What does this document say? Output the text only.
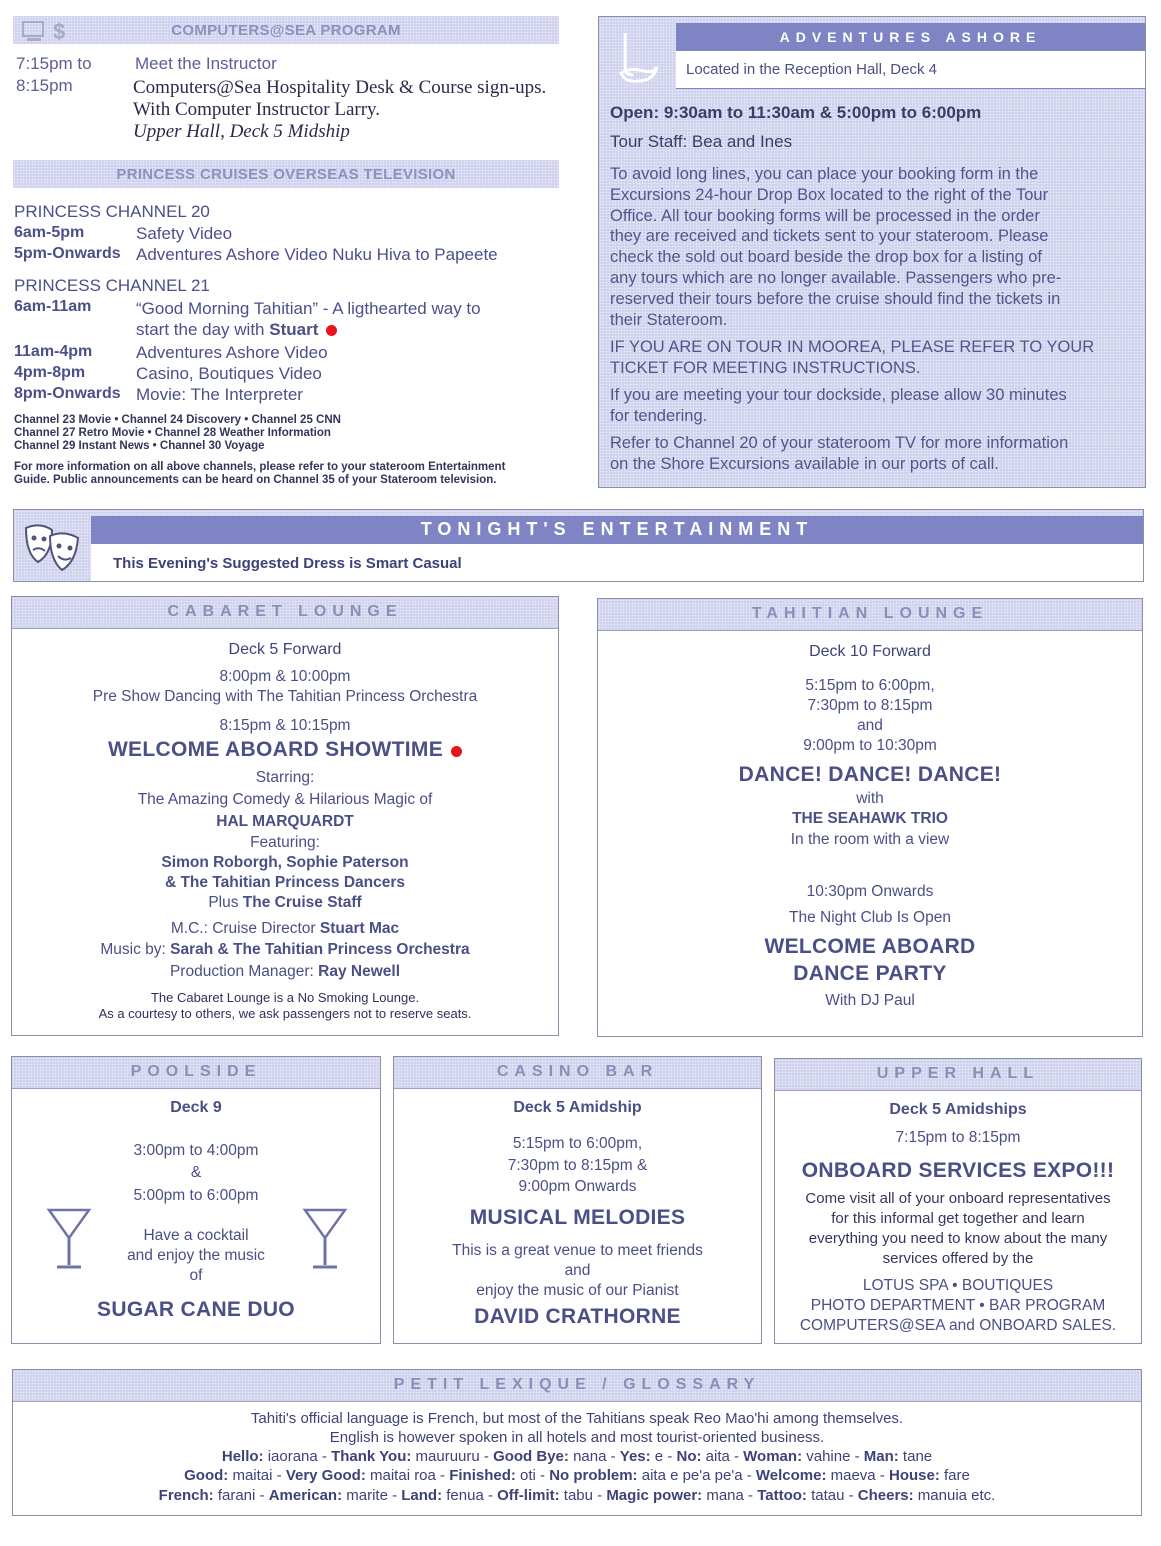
$	COMPUTERS@SEA PROGRAM
7:15pm to
8:15pm
Meet the Instructor
Computers@Sea Hospitality Desk & Course sign-ups.
With Computer Instructor Larry.
Upper Hall, Deck 5 Midship
PRINCESS CRUISES OVERSEAS TELEVISION
PRINCESS CHANNEL 20
6am-5pm	Safety Video
5pm-Onwards Adventures Ashore Video Nuku Hiva to Papeete
PRINCESS CHANNEL 21
6am-11am	“Good Morning Tahitian” - A ligthearted way to
start the day with Stuart
11am-4pm	Adventures Ashore Video
4pm-8pm	Casino, Boutiques Video
8pm-Onwards Movie: The Interpreter
Channel 23 Movie • Channel 24 Discovery • Channel 25 CNN
Channel 27 Retro Movie • Channel 28 Weather Information
Channel 29 Instant News • Channel 30 Voyage
For more information on all above channels, please refer to your stateroom Entertainment
Guide. Public announcements can be heard on Channel 35 of your Stateroom television.
ADVENTURES ASHORE
Located in the Reception Hall, Deck 4
Open: 9:30am to 11:30am & 5:00pm to 6:00pm
Tour Staff: Bea and Ines
To avoid long lines, you can place your booking form in the
Excursions 24-hour Drop Box located to the right of the Tour
Office. All tour booking forms will be processed in the order
they are received and tickets sent to your stateroom. Please
check the sold out board beside the drop box for a listing of
any tours which are no longer available. Passengers who pre-
reserved their tours before the cruise should find the tickets in
their Stateroom.
IF YOU ARE ON TOUR IN MOOREA, PLEASE REFER TO YOUR
TICKET FOR MEETING INSTRUCTIONS.
If you are meeting your tour dockside, please allow 30 minutes
for tendering.
Refer to Channel 20 of your stateroom TV for more information
on the Shore Excursions available in our ports of call.
TONIGHT'S ENTERTAINMENT
This Evening's Suggested Dress is Smart Casual
CABARET LOUNGE
Deck 5 Forward
8:00pm & 10:00pm
Pre Show Dancing with The Tahitian Princess Orchestra
8:15pm & 10:15pm
WELCOME ABOARD SHOWTIME
Starring:
The Amazing Comedy & Hilarious Magic of
HAL MARQUARDT
Featuring:
Simon Roborgh, Sophie Paterson
& The Tahitian Princess Dancers
Plus The Cruise Staff
M.C.: Cruise Director Stuart Mac
Music by: Sarah & The Tahitian Princess Orchestra
Production Manager: Ray Newell
The Cabaret Lounge is a No Smoking Lounge.
As a courtesy to others, we ask passengers not to reserve seats.
TAHITIAN LOUNGE
Deck 10 Forward
5:15pm to 6:00pm,
7:30pm to 8:15pm
and
9:00pm to 10:30pm
DANCE! DANCE! DANCE!
with
THE SEAHAWK TRIO
In the room with a view
10:30pm Onwards
The Night Club Is Open
WELCOME ABOARD
DANCE PARTY
With DJ Paul
POOLSIDE
Deck 9
3:00pm to 4:00pm
&
5:00pm to 6:00pm
Have a cocktail
and enjoy the music
of
SUGAR CANE DUO
CASINO BAR
Deck 5 Amidship
5:15pm to 6:00pm,
7:30pm to 8:15pm &
9:00pm Onwards
MUSICAL MELODIES
This is a great venue to meet friends
and
enjoy the music of our Pianist
DAVID CRATHORNE
UPPER HALL
Deck 5 Amidships
7:15pm to 8:15pm
ONBOARD SERVICES EXPO!!!
Come visit all of your onboard representatives
for this informal get together and learn
everything you need to know about the many
services offered by the
LOTUS SPA • BOUTIQUES
PHOTO DEPARTMENT • BAR PROGRAM
COMPUTERS@SEA and ONBOARD SALES.
PETIT LEXIQUE / GLOSSARY
Tahiti's official language is French, but most of the Tahitians speak Reo Mao'hi among themselves.
English is however spoken in all hotels and most tourist-oriented business.
Hello: iaorana - Thank You: mauruuru - Good Bye: nana - Yes: e - No: aita - Woman: vahine - Man: tane
Good: maitai - Very Good: maitai roa - Finished: oti - No problem: aita e pe'a pe'a - Welcome: maeva - House: fare
French: farani - American: marite - Land: fenua - Off-limit: tabu - Magic power: mana - Tattoo: tatau - Cheers: manuia etc.
